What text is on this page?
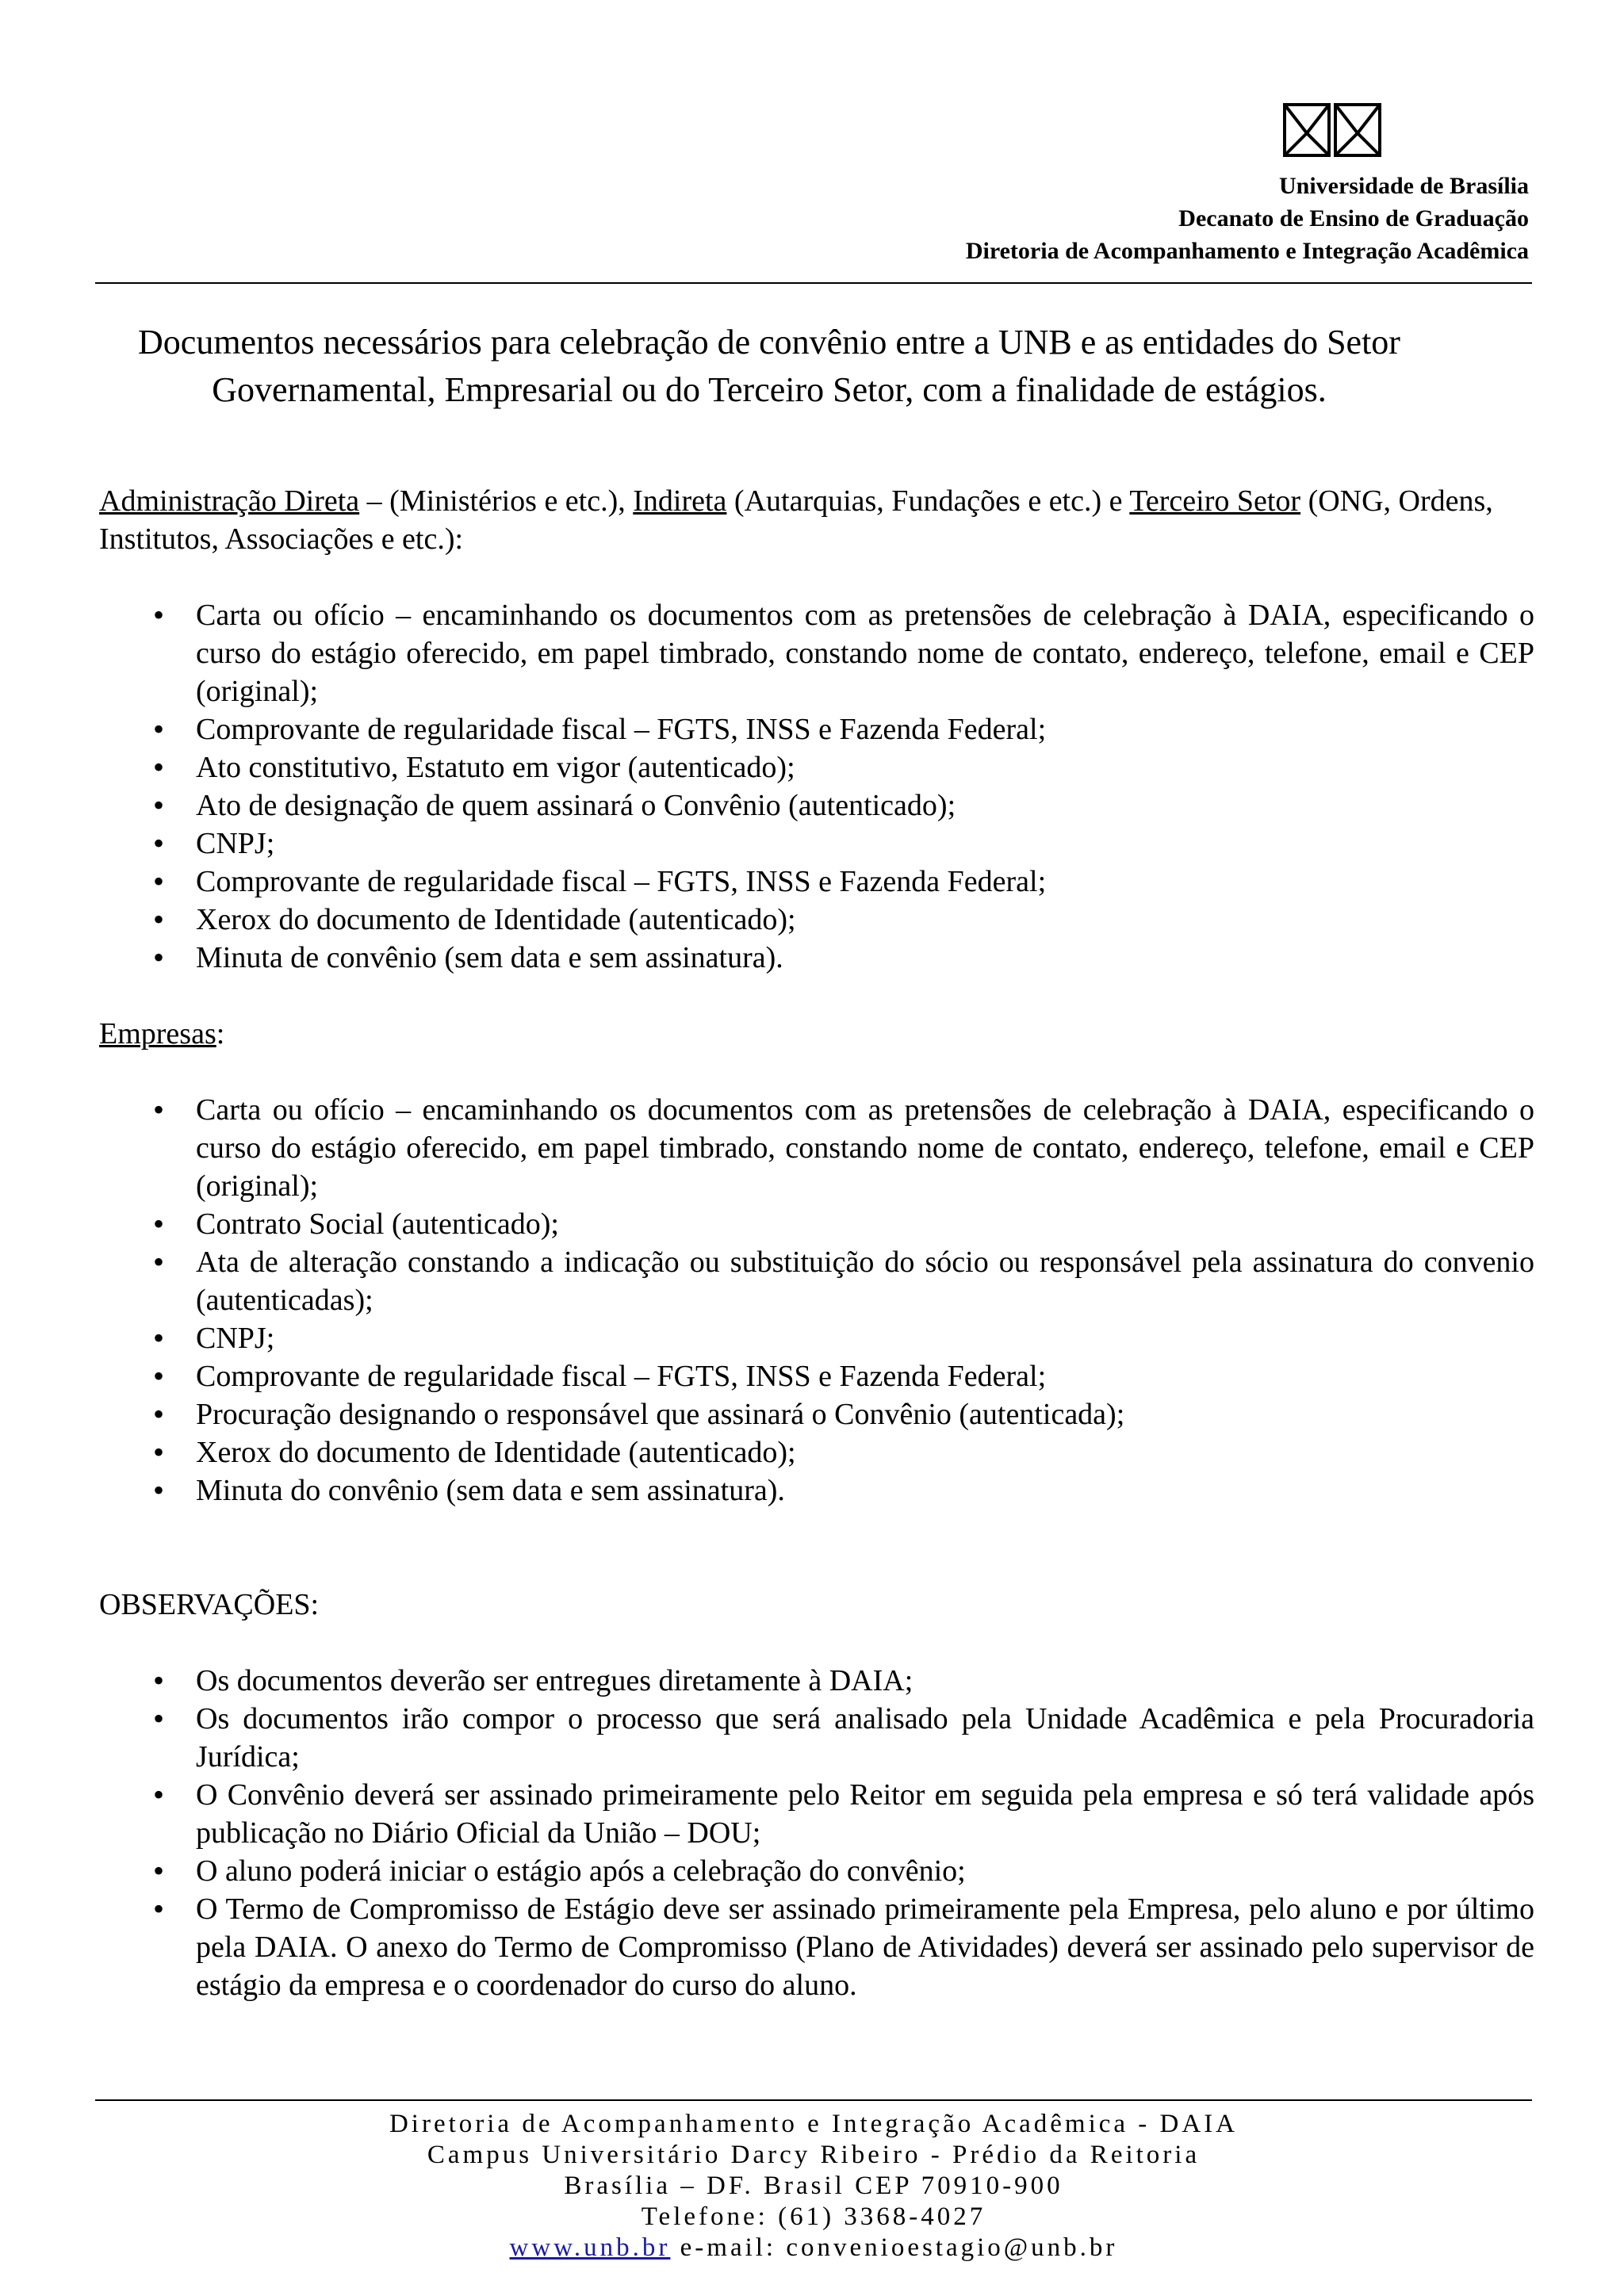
Universidade de Brasília
Decanato de Ensino de Graduação
Diretoria de Acompanhamento e Integração Acadêmica
Documentos necessários para celebração de convênio entre a UNB e as entidades do Setor
Governamental, Empresarial ou do Terceiro Setor, com a finalidade de estágios.

Administração Direta – (Ministérios e etc.), Indireta (Autarquias, Fundações e etc.) e Terceiro Setor (ONG, Ordens, Institutos, Associações e etc.):

• Carta ou ofício – encaminhando os documentos com as pretensões de celebração à DAIA, especificando o curso do estágio oferecido, em papel timbrado, constando nome de contato, endereço, telefone, email e CEP (original);
• Comprovante de regularidade fiscal – FGTS, INSS e Fazenda Federal;
• Ato constitutivo, Estatuto em vigor (autenticado);
• Ato de designação de quem assinará o Convênio (autenticado);
• CNPJ;
• Comprovante de regularidade fiscal – FGTS, INSS e Fazenda Federal;
• Xerox do documento de Identidade (autenticado);
• Minuta de convênio (sem data e sem assinatura).

Empresas:

• Carta ou ofício – encaminhando os documentos com as pretensões de celebração à DAIA, especificando o curso do estágio oferecido, em papel timbrado, constando nome de contato, endereço, telefone, email e CEP (original);
• Contrato Social (autenticado);
• Ata de alteração constando a indicação ou substituição do sócio ou responsável pela assinatura do convenio (autenticadas);
• CNPJ;
• Comprovante de regularidade fiscal – FGTS, INSS e Fazenda Federal;
• Procuração designando o responsável que assinará o Convênio (autenticada);
• Xerox do documento de Identidade (autenticado);
• Minuta do convênio (sem data e sem assinatura).

OBSERVAÇÕES:

• Os documentos deverão ser entregues diretamente à DAIA;
• Os documentos irão compor o processo que será analisado pela Unidade Acadêmica e pela Procuradoria Jurídica;
• O Convênio deverá ser assinado primeiramente pelo Reitor em seguida pela empresa e só terá validade após publicação no Diário Oficial da União – DOU;
• O aluno poderá iniciar o estágio após a celebração do convênio;
• O Termo de Compromisso de Estágio deve ser assinado primeiramente pela Empresa, pelo aluno e por último pela DAIA. O anexo do Termo de Compromisso (Plano de Atividades) deverá ser assinado pelo supervisor de estágio da empresa e o coordenador do curso do aluno.
Diretoria de Acompanhamento e Integração Acadêmica - DAIA
Campus Universitário Darcy Ribeiro - Prédio da Reitoria
Brasília – DF. Brasil CEP 70910-900
Telefone: (61) 3368-4027
www.unb.br e-mail: convenioestagio@unb.br
